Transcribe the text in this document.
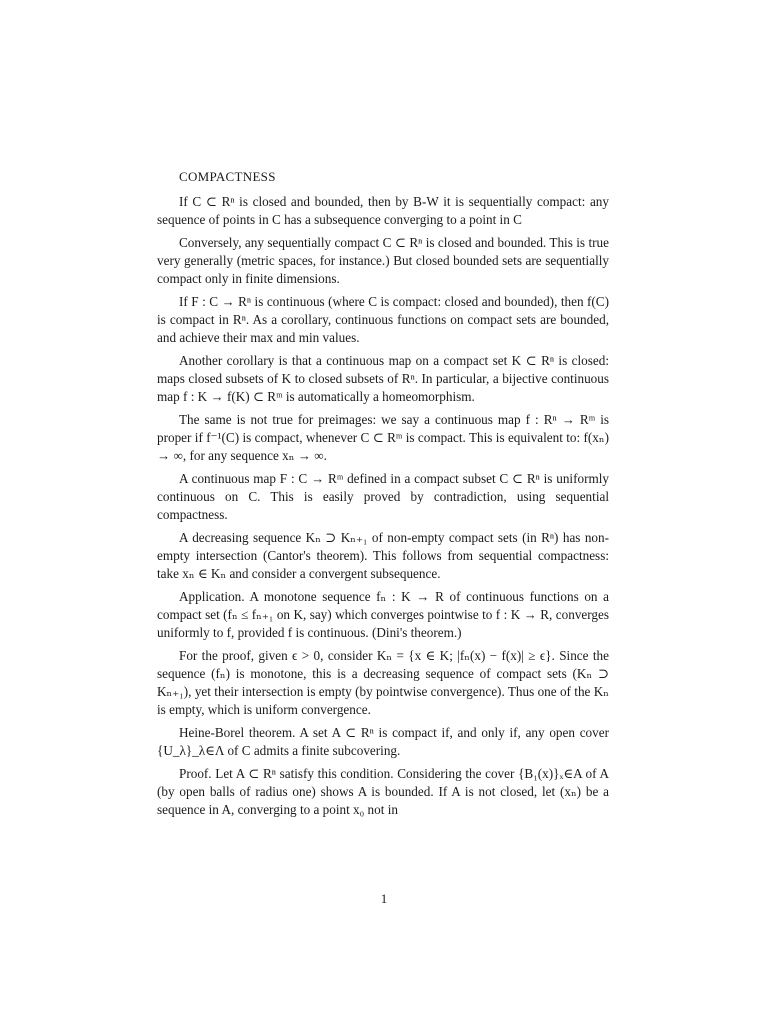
COMPACTNESS

If C ⊂ Rⁿ is closed and bounded, then by B-W it is sequentially compact: any sequence of points in C has a subsequence converging to a point in C

Conversely, any sequentially compact C ⊂ Rⁿ is closed and bounded. This is true very generally (metric spaces, for instance.) But closed bounded sets are sequentially compact only in finite dimensions.

If F : C → Rⁿ is continuous (where C is compact: closed and bounded), then f(C) is compact in Rⁿ. As a corollary, continuous functions on compact sets are bounded, and achieve their max and min values.

Another corollary is that a continuous map on a compact set K ⊂ Rⁿ is closed: maps closed subsets of K to closed subsets of Rⁿ. In particular, a bijective continuous map f : K → f(K) ⊂ Rᵐ is automatically a homeomorphism.

The same is not true for preimages: we say a continuous map f : Rⁿ → Rᵐ is proper if f⁻¹(C) is compact, whenever C ⊂ Rᵐ is compact. This is equivalent to: f(xₙ) → ∞, for any sequence xₙ → ∞.

A continuous map F : C → Rᵐ defined in a compact subset C ⊂ Rⁿ is uniformly continuous on C. This is easily proved by contradiction, using sequential compactness.

A decreasing sequence Kₙ ⊃ Kₙ₊₁ of non-empty compact sets (in Rⁿ) has non-empty intersection (Cantor's theorem). This follows from sequential compactness: take xₙ ∈ Kₙ and consider a convergent subsequence.

Application. A monotone sequence fₙ : K → R of continuous functions on a compact set (fₙ ≤ fₙ₊₁ on K, say) which converges pointwise to f : K → R, converges uniformly to f, provided f is continuous. (Dini's theorem.)

For the proof, given ϵ > 0, consider Kₙ = {x ∈ K; |fₙ(x) − f(x)| ≥ ϵ}. Since the sequence (fₙ) is monotone, this is a decreasing sequence of compact sets (Kₙ ⊃ Kₙ₊₁), yet their intersection is empty (by pointwise convergence). Thus one of the Kₙ is empty, which is uniform convergence.

Heine-Borel theorem. A set A ⊂ Rⁿ is compact if, and only if, any open cover {U_λ}_λ∈Λ of C admits a finite subcovering.

Proof. Let A ⊂ Rⁿ satisfy this condition. Considering the cover {B₁(x)}ₓ∈A of A (by open balls of radius one) shows A is bounded. If A is not closed, let (xₙ) be a sequence in A, converging to a point x₀ not in

1
